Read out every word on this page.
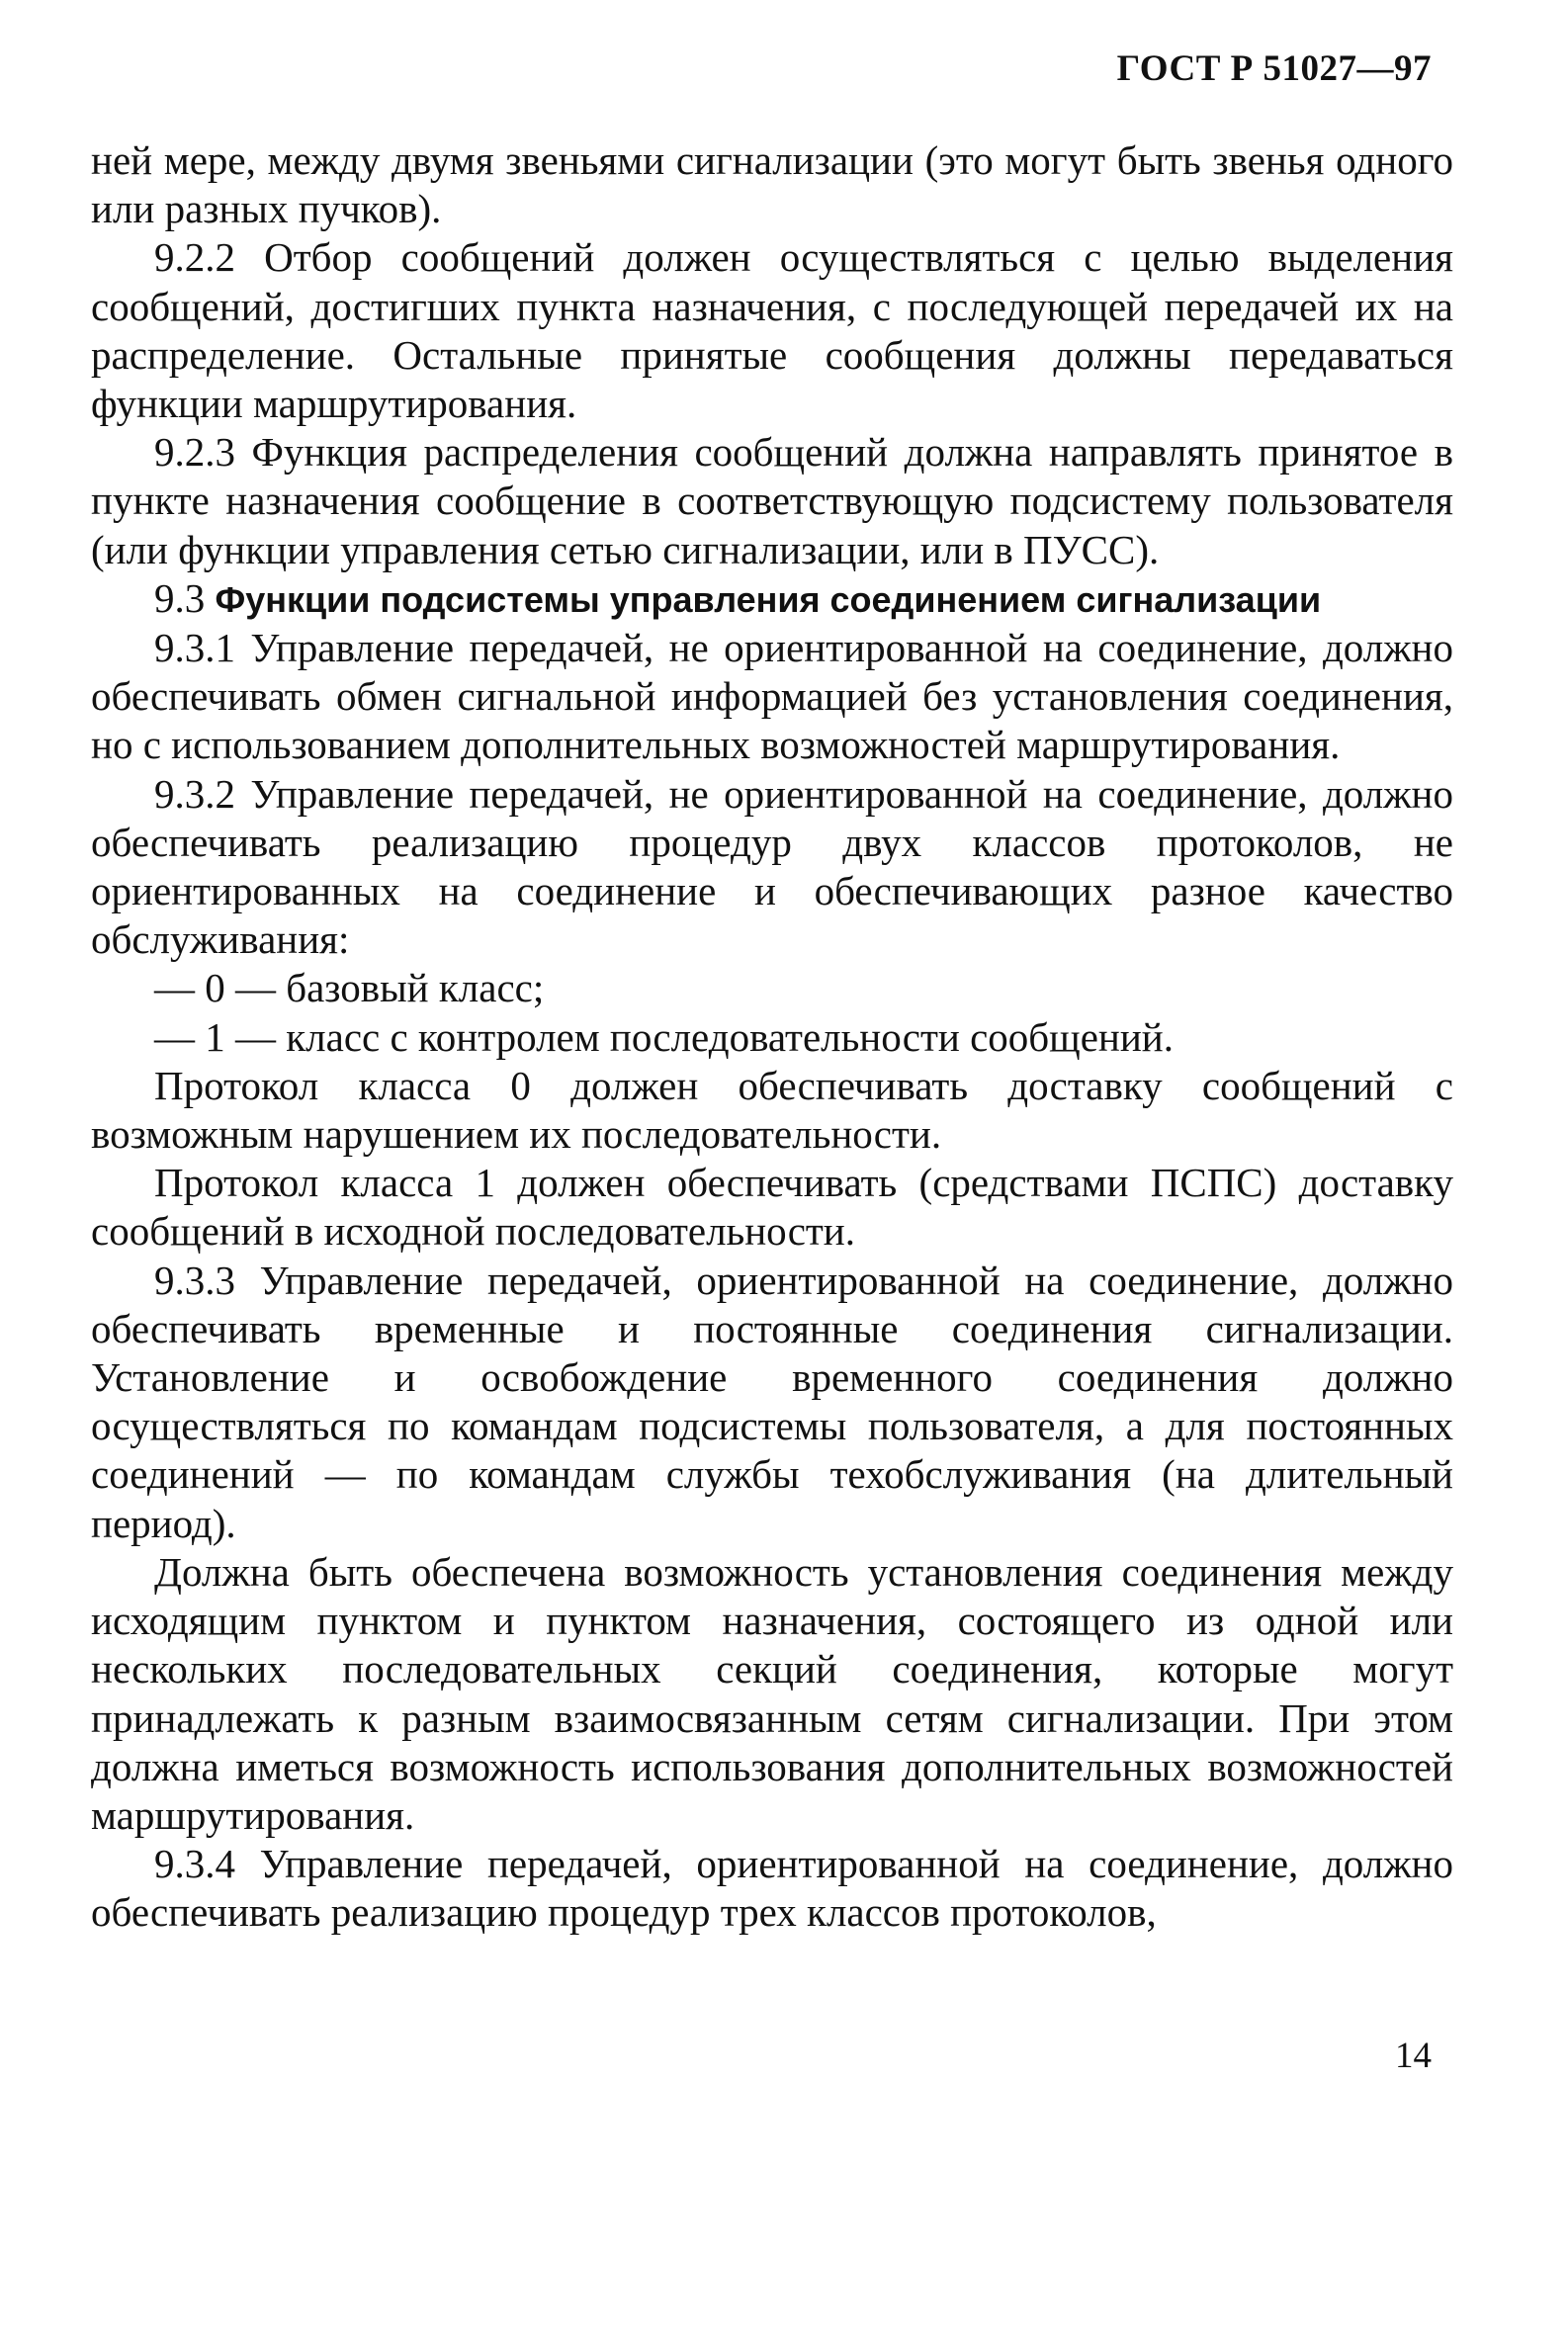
ГОСТ Р 51027—97

ней мере, между двумя звеньями сигнализации (это могут быть звенья одного или разных пучков).

9.2.2 Отбор сообщений должен осуществляться с целью выделения сообщений, достигших пункта назначения, с последующей передачей их на распределение. Остальные принятые сообщения должны передаваться функции маршрутирования.

9.2.3 Функция распределения сообщений должна направлять принятое в пункте назначения сообщение в соответствующую подсистему пользователя (или функции управления сетью сигнализации, или в ПУСС).

9.3 Функции подсистемы управления соединением сигнализации

9.3.1 Управление передачей, не ориентированной на соединение, должно обеспечивать обмен сигнальной информацией без установления соединения, но с использованием дополнительных возможностей маршрутирования.

9.3.2 Управление передачей, не ориентированной на соединение, должно обеспечивать реализацию процедур двух классов протоколов, не ориентированных на соединение и обеспечивающих разное качество обслуживания:

— 0 — базовый класс;

— 1 — класс с контролем последовательности сообщений.

Протокол класса 0 должен обеспечивать доставку сообщений с возможным нарушением их последовательности.

Протокол класса 1 должен обеспечивать (средствами ПСПС) доставку сообщений в исходной последовательности.

9.3.3 Управление передачей, ориентированной на соединение, должно обеспечивать временные и постоянные соединения сигнализации. Установление и освобождение временного соединения должно осуществляться по командам подсистемы пользователя, а для постоянных соединений — по командам службы техобслуживания (на длительный период).

Должна быть обеспечена возможность установления соединения между исходящим пунктом и пунктом назначения, состоящего из одной или нескольких последовательных секций соединения, которые могут принадлежать к разным взаимосвязанным сетям сигнализации. При этом должна иметься возможность использования дополнительных возможностей маршрутирования.

9.3.4 Управление передачей, ориентированной на соединение, должно обеспечивать реализацию процедур трех классов протоколов,

14
